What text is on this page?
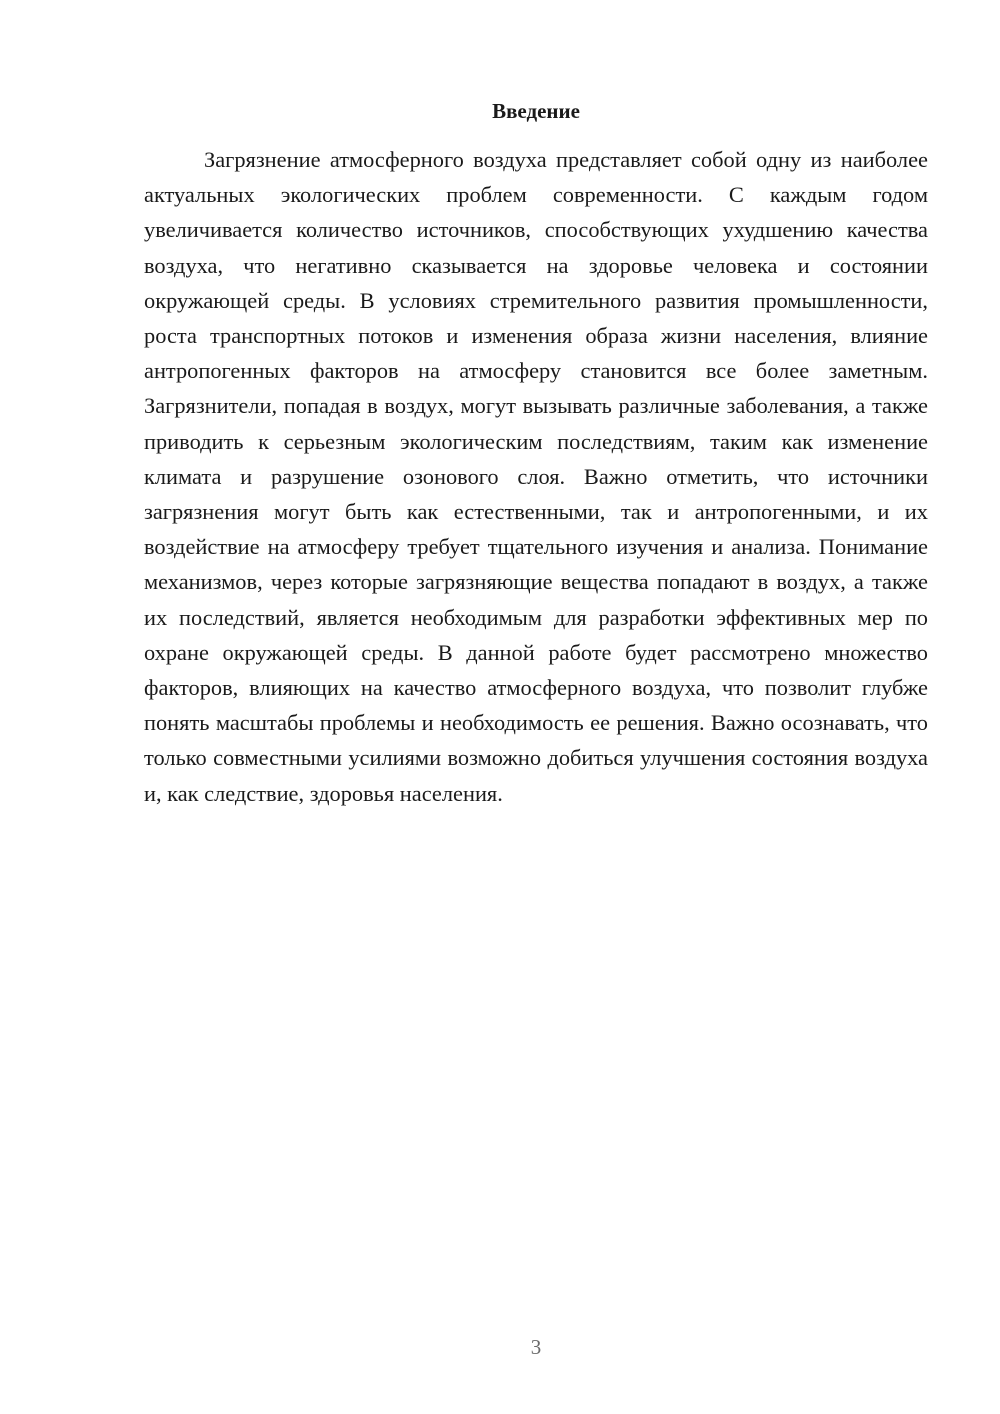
Введение

Загрязнение атмосферного воздуха представляет собой одну из наиболее актуальных экологических проблем современности. С каждым годом увеличивается количество источников, способствующих ухудшению качества воздуха, что негативно сказывается на здоровье человека и состоянии окружающей среды. В условиях стремительного развития промышленности, роста транспортных потоков и изменения образа жизни населения, влияние антропогенных факторов на атмосферу становится все более заметным. Загрязнители, попадая в воздух, могут вызывать различные заболевания, а также приводить к серьезным экологическим последствиям, таким как изменение климата и разрушение озонового слоя. Важно отметить, что источники загрязнения могут быть как естественными, так и антропогенными, и их воздействие на атмосферу требует тщательного изучения и анализа. Понимание механизмов, через которые загрязняющие вещества попадают в воздух, а также их последствий, является необходимым для разработки эффективных мер по охране окружающей среды. В данной работе будет рассмотрено множество факторов, влияющих на качество атмосферного воздуха, что позволит глубже понять масштабы проблемы и необходимость ее решения. Важно осознавать, что только совместными усилиями возможно добиться улучшения состояния воздуха и, как следствие, здоровья населения.

3
